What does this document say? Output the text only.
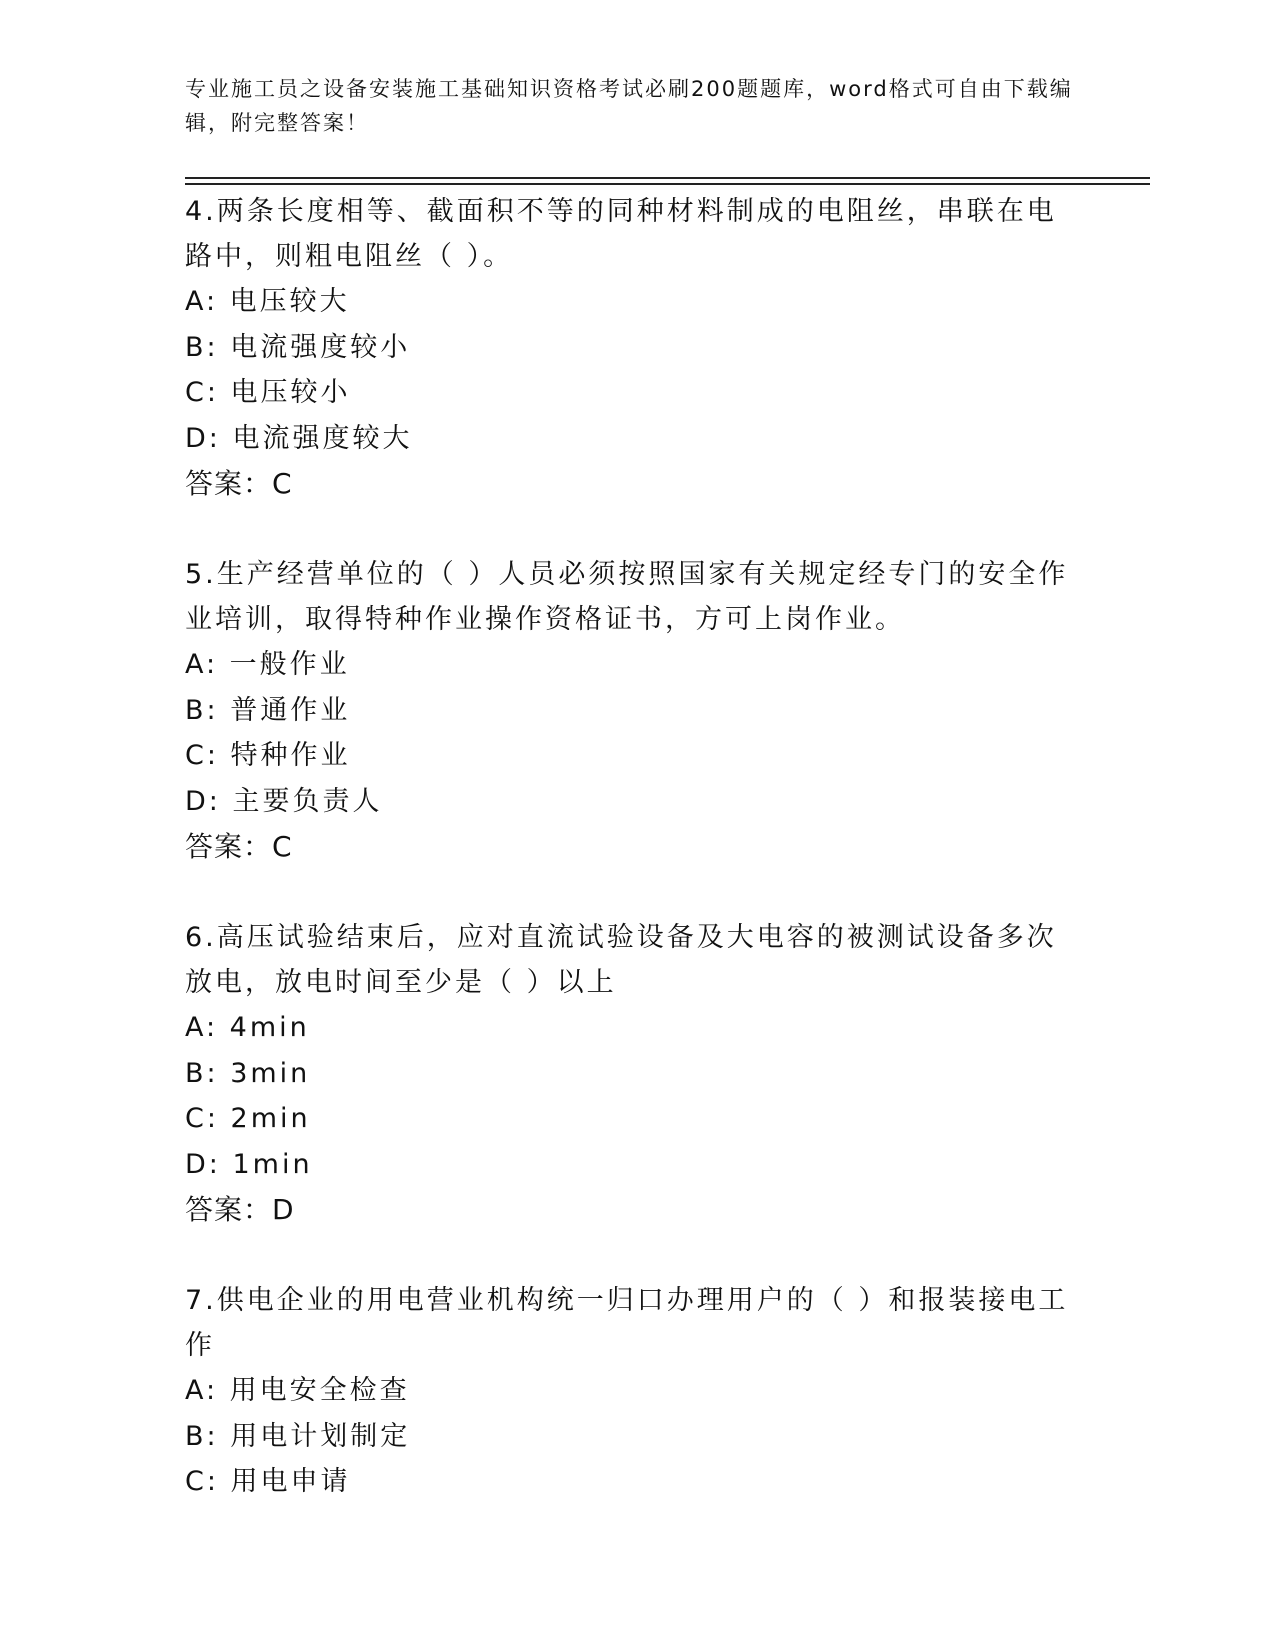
专业施工员之设备安装施工基础知识资格考试必刷200题题库，word格式可自由下载编辑，附完整答案！

4.两条长度相等、截面积不等的同种材料制成的电阻丝，串联在电路中，则粗电阻丝（ ）。

A: 电压较大

B: 电流强度较小

C: 电压较小

D: 电流强度较大

答案：C

5.生产经营单位的（ ）人员必须按照国家有关规定经专门的安全作业培训，取得特种作业操作资格证书，方可上岗作业。

A: 一般作业

B: 普通作业

C: 特种作业

D: 主要负责人

答案：C

6.高压试验结束后，应对直流试验设备及大电容的被测试设备多次放电，放电时间至少是（ ）以上

A: 4min

B: 3min

C: 2min

D: 1min

答案：D

7.供电企业的用电营业机构统一归口办理用户的（ ）和报装接电工作

A: 用电安全检查

B: 用电计划制定

C: 用电申请
